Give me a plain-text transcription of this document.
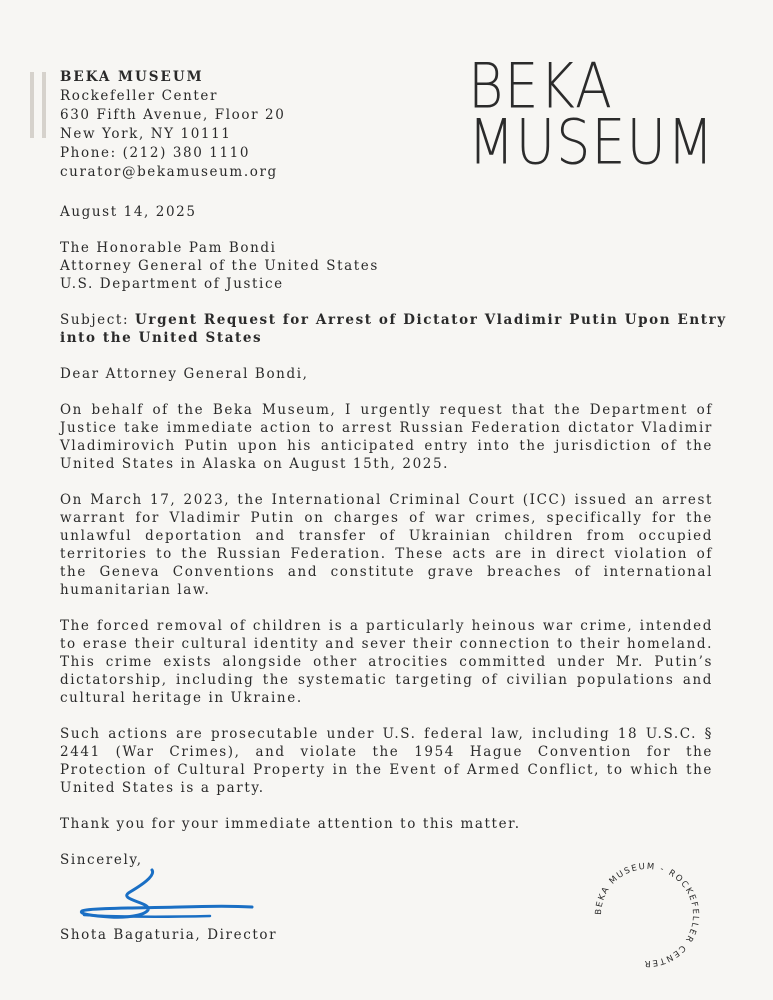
BEKA MUSEUM
Rockefeller Center
630 Fifth Avenue, Floor 20
New York, NY 10111
Phone: (212) 380 1110
curator@bekamuseum.org
BEKA
MUSEUM
August 14, 2025
The Honorable Pam Bondi
Attorney General of the United States
U.S. Department of Justice
Subject: Urgent Request for Arrest of Dictator Vladimir Putin Upon Entry
into the United States
Dear Attorney General Bondi,

On behalf of the Beka Museum, I urgently request that the Department of Justice take immediate action to arrest Russian Federation dictator Vladimir Vladimirovich Putin upon his anticipated entry into the jurisdiction of the United States in Alaska on August 15th, 2025.

On March 17, 2023, the International Criminal Court (ICC) issued an arrest warrant for Vladimir Putin on charges of war crimes, specifically for the unlawful deportation and transfer of Ukrainian children from occupied territories to the Russian Federation. These acts are in direct violation of the Geneva Conventions and constitute grave breaches of international humanitarian law.

The forced removal of children is a particularly heinous war crime, intended to erase their cultural identity and sever their connection to their homeland. This crime exists alongside other atrocities committed under Mr. Putin’s dictatorship, including the systematic targeting of civilian populations and cultural heritage in Ukraine.

Such actions are prosecutable under U.S. federal law, including 18 U.S.C. § 2441 (War Crimes), and violate the 1954 Hague Convention for the Protection of Cultural Property in the Event of Armed Conflict, to which the United States is a party.

Thank you for your immediate attention to this matter.
Sincerely,
Shota Bagaturia, Director
BEKA MUSEUM - ROCKEFELLER CENTER
